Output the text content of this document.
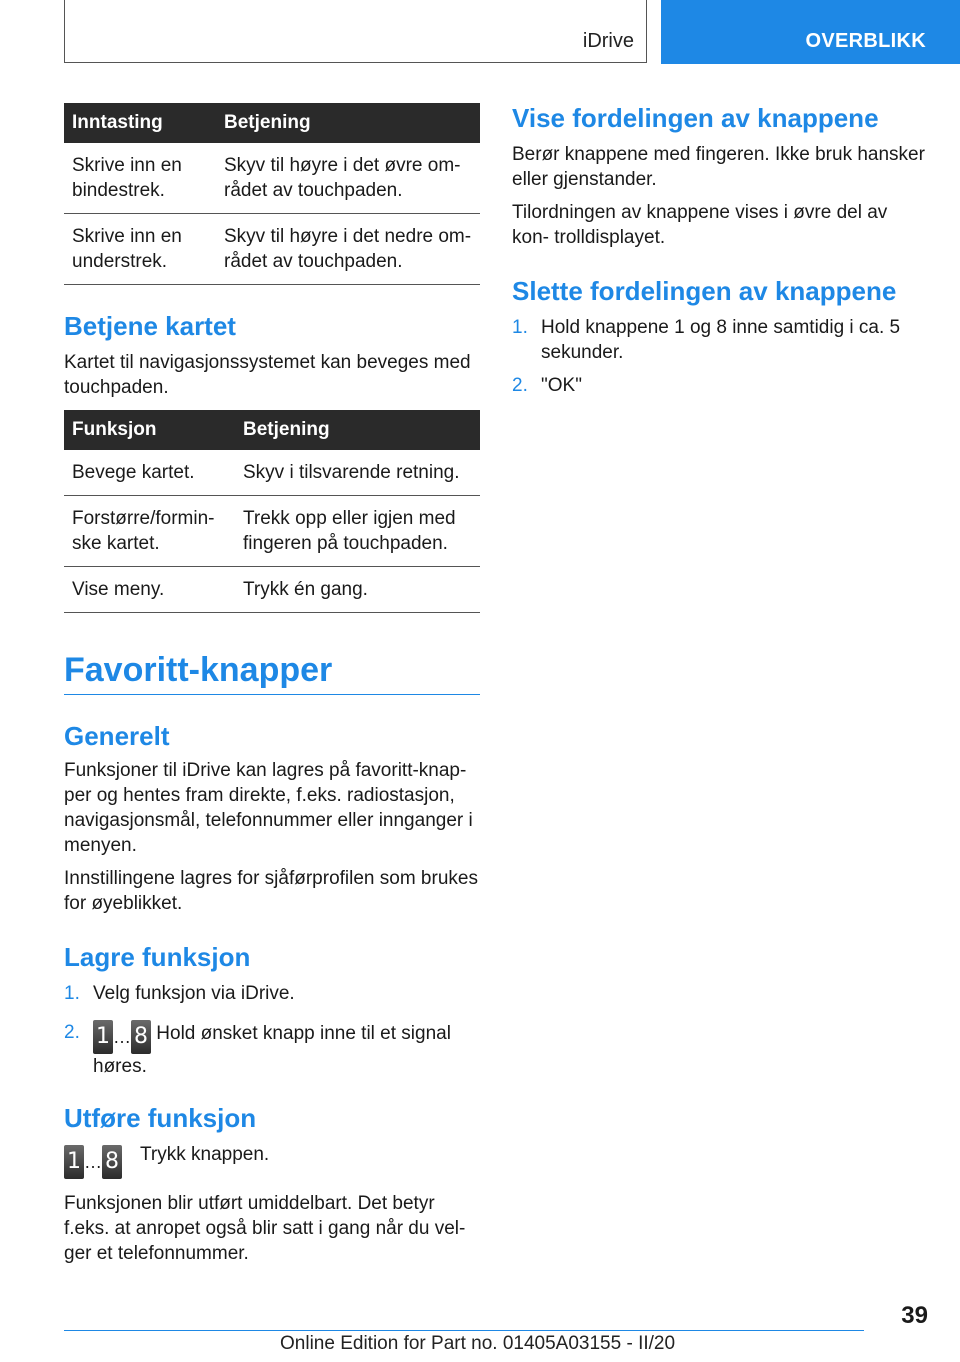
iDrive	OVERBLIKK
Inntasting	Betjening
Skrive inn en bindestrek.	Skyv til høyre i det øvre om- rådet av touchpaden.
Skrive inn en understrek.	Skyv til høyre i det nedre om- rådet av touchpaden.
Betjene kartet

Kartet til navigasjonssystemet kan beveges med touchpaden.

Funksjon	Betjening
Bevege kartet.	Skyv i tilsvarende retning.
Forstørre/formin- ske kartet.	Trekk opp eller igjen med fingeren på touchpaden.
Vise meny.	Trykk én gang.
Favoritt-knapper
Generelt

Funksjoner til iDrive kan lagres på favoritt-knap- per og hentes fram direkte, f.eks. radiostasjon, navigasjonsmål, telefonnummer eller innganger i menyen.

Innstillingene lagres for sjåførprofilen som brukes for øyeblikket.

Lagre funksjon
1. Velg funksjon via iDrive.
2. 1 … 8 Hold ønsket knapp inne til et signal høres.
Utføre funksjon
1 … 8	Trykk knappen.

Funksjonen blir utført umiddelbart. Det betyr f.eks. at anropet også blir satt i gang når du vel- ger et telefonnummer.

Vise fordelingen av knappene

Berør knappene med fingeren. Ikke bruk hansker eller gjenstander.

Tilordningen av knappene vises i øvre del av kon- trolldisplayet.

Slette fordelingen av knappene
1. Hold knappene 1 og 8 inne samtidig i ca. 5 sekunder.
2. "OK"
39
Online Edition for Part no. 01405A03155 - II/20
